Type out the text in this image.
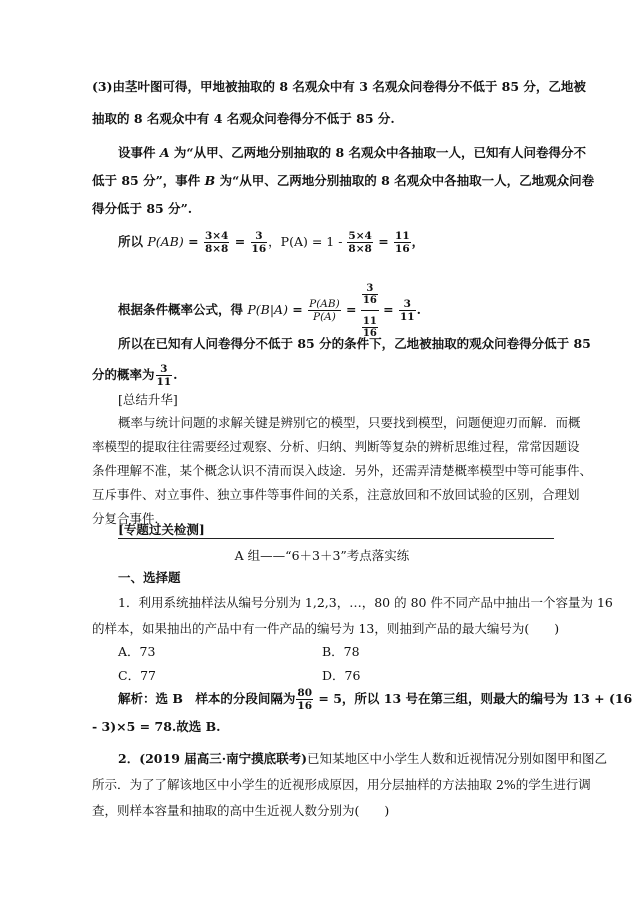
(3)由茎叶图可得，甲地被抽取的 8 名观众中有 3 名观众问卷得分不低于 85 分，乙地被
抽取的 8 名观众中有 4 名观众问卷得分不低于 85 分.
设事件 A 为“从甲、乙两地分别抽取的 8 名观众中各抽取一人，已知有人问卷得分不
低于 85 分”，事件 B 为“从甲、乙两地分别抽取的 8 名观众中各抽取一人，乙地观众问卷
得分低于 85 分”.
所以 $P(AB) = \frac{3\times 4}{8\times 8} = \frac{3}{16}$ ，$P(A) = 1 - \frac{5\times 4}{8\times 8} = \frac{11}{16}$ ，
根据条件概率公式，得 $P(B|A) = \frac{P(AB)}{P(A)} = \frac{\frac{3}{16}}{\frac{11}{16}} = \frac{3}{11}$ .
所以在已知有人问卷得分不低于 85 分的条件下，乙地被抽取的观众问卷得分低于 85
分的概率为 $\frac{3}{11}$ .
[总结升华]
概率与统计问题的求解关键是辨别它的模型，只要找到模型，问题便迎刃而解．而概
率模型的提取往往需要经过观察、分析、归纳、判断等复杂的辨析思维过程，常常因题设
条件理解不准，某个概念认识不清而误入歧途．另外，还需弄清楚概率模型中等可能事件、
互斥事件、对立事件、独立事件等事件间的关系，注意放回和不放回试验的区别，合理划
分复合事件．
[专题过关检测]
A 组——“6＋3＋3”考点落实练
一、选择题
1．利用系统抽样法从编号分别为 1,2,3，…，80 的 80 件不同产品中抽出一个容量为 16
的样本，如果抽出的产品中有一件产品的编号为 13，则抽到产品的最大编号为(　　)
A．73	B．78
C．77	D．76
解析：选 B　样本的分段间隔为 $\frac{80}{16} = 5$，所以 13 号在第三组，则最大的编号为 13 + (16
- 3)×5 = 78.故选 B.
2．(2019 届高三·南宁摸底联考)已知某地区中小学生人数和近视情况分别如图甲和图乙
所示．为了了解该地区中小学生的近视形成原因，用分层抽样的方法抽取 2%的学生进行调
查，则样本容量和抽取的高中生近视人数分别为(　　)
